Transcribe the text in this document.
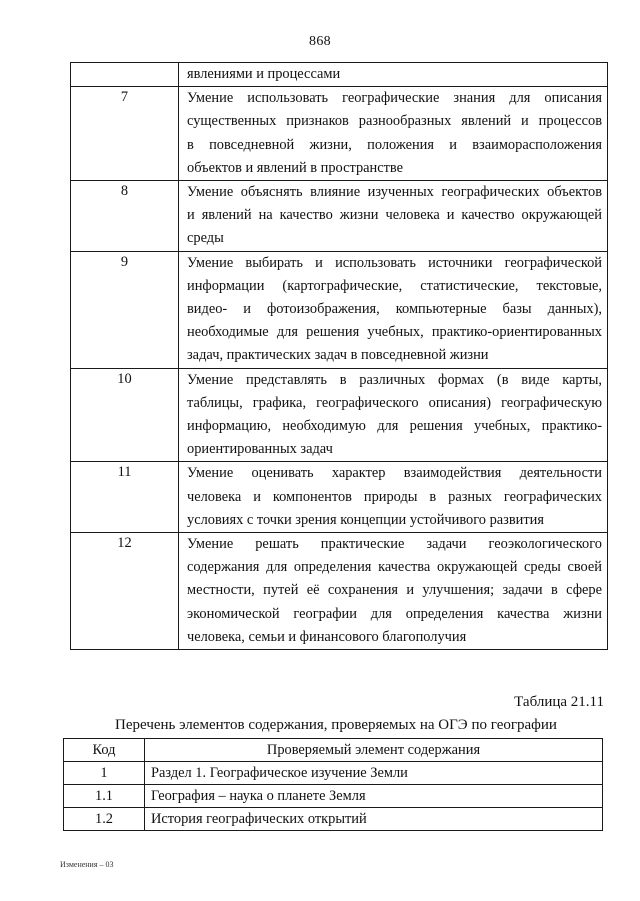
868

	явлениями и процессами

7	Умение использовать географические знания для описания
существенных признаков разнообразных явлений и процессов
в повседневной жизни, положения и взаиморасположения
объектов и явлений в пространстве

8	Умение объяснять влияние изученных географических объектов
и явлений на качество жизни человека и качество окружающей
среды

9	Умение выбирать и использовать источники географической
информации (картографические, статистические, текстовые,
видео- и фотоизображения, компьютерные базы данных),
необходимые для решения учебных, практико-ориентированных
задач, практических задач в повседневной жизни

10	Умение представлять в различных формах (в виде карты,
таблицы, графика, географического описания) географическую
информацию, необходимую для решения учебных, практико-
ориентированных задач

11	Умение оценивать характер взаимодействия деятельности
человека и компонентов природы в разных географических
условиях с точки зрения концепции устойчивого развития

12	Умение решать практические задачи геоэкологического
содержания для определения качества окружающей среды своей
местности, путей её сохранения и улучшения; задачи в сфере
экономической географии для определения качества жизни
человека, семьи и финансового благополучия
Таблица 21.11
Перечень элементов содержания, проверяемых на ОГЭ по географии
Код	Проверяемый элемент содержания
1	Раздел 1. Географическое изучение Земли
1.1	География – наука о планете Земля
1.2	История географических открытий
Изменения – 03
